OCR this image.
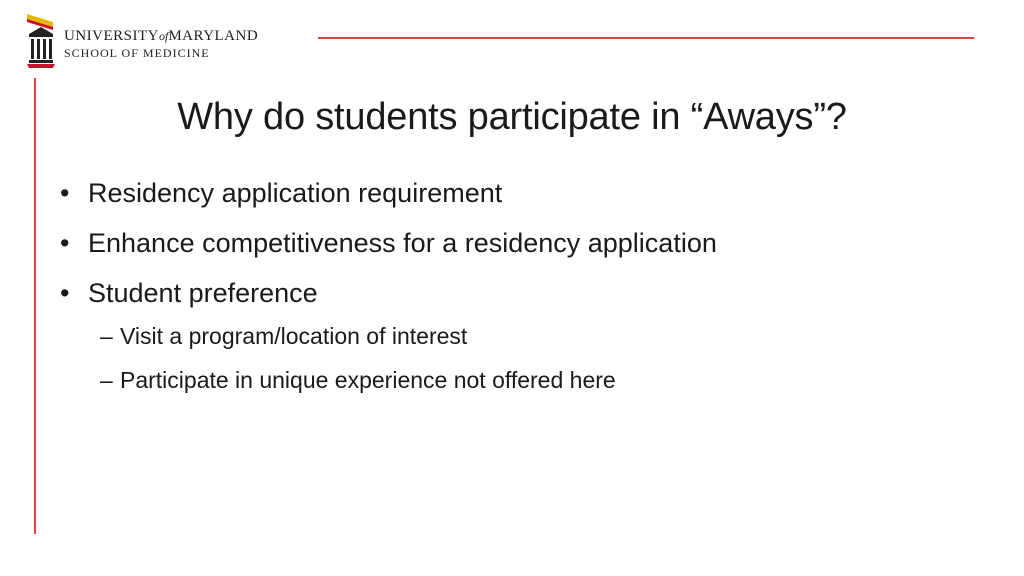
UNIVERSITYofMARYLAND
SCHOOL OF MEDICINE
Why do students participate in “Aways”?
• Residency application requirement
• Enhance competitiveness for a residency application
• Student preference
– Visit a program/location of interest
– Participate in unique experience not offered here
